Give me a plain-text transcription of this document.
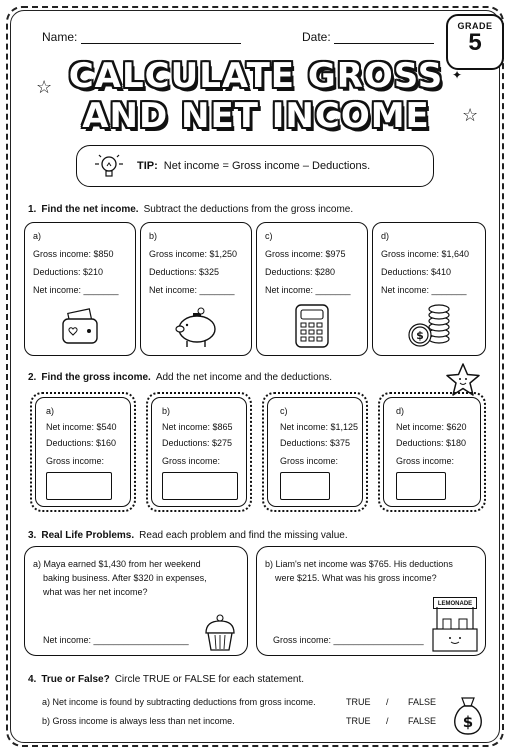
Name:	Date:
GRADE
5
CALCULATE GROSS
AND NET INCOME
☆
☆
✦
TIP: Net income = Gross income – Deductions.
1. Find the net income. Subtract the deductions from the gross income.
a)
Gross income: $850
Deductions: $210
Net income: _______
b)
Gross income: $1,250
Deductions: $325
Net income: _______
c)
Gross income: $975
Deductions: $280
Net income: _______
d)
Gross income: $1,640
Deductions: $410
Net income: _______
$
2. Find the gross income. Add the net income and the deductions.
a)
Net income: $540
Deductions: $160
Gross income:
b)
Net income: $865
Deductions: $275
Gross income:
c)
Net income: $1,125
Deductions: $375
Gross income:
d)
Net income: $620
Deductions: $180
Gross income:
3. Real Life Problems. Read each problem and find the missing value.
a) Maya earned $1,430 from her weekend
baking business. After $320 in expenses,
what was her net income?
Net income: ___________________
b) Liam's net income was $765. His deductions
were $215. What was his gross income?
Gross income: __________________
LEMONADE
4. True or False? Circle TRUE or FALSE for each statement.
a) Net income is found by subtracting deductions from gross income.	TRUE / FALSE
b) Gross income is always less than net income.	TRUE / FALSE $
